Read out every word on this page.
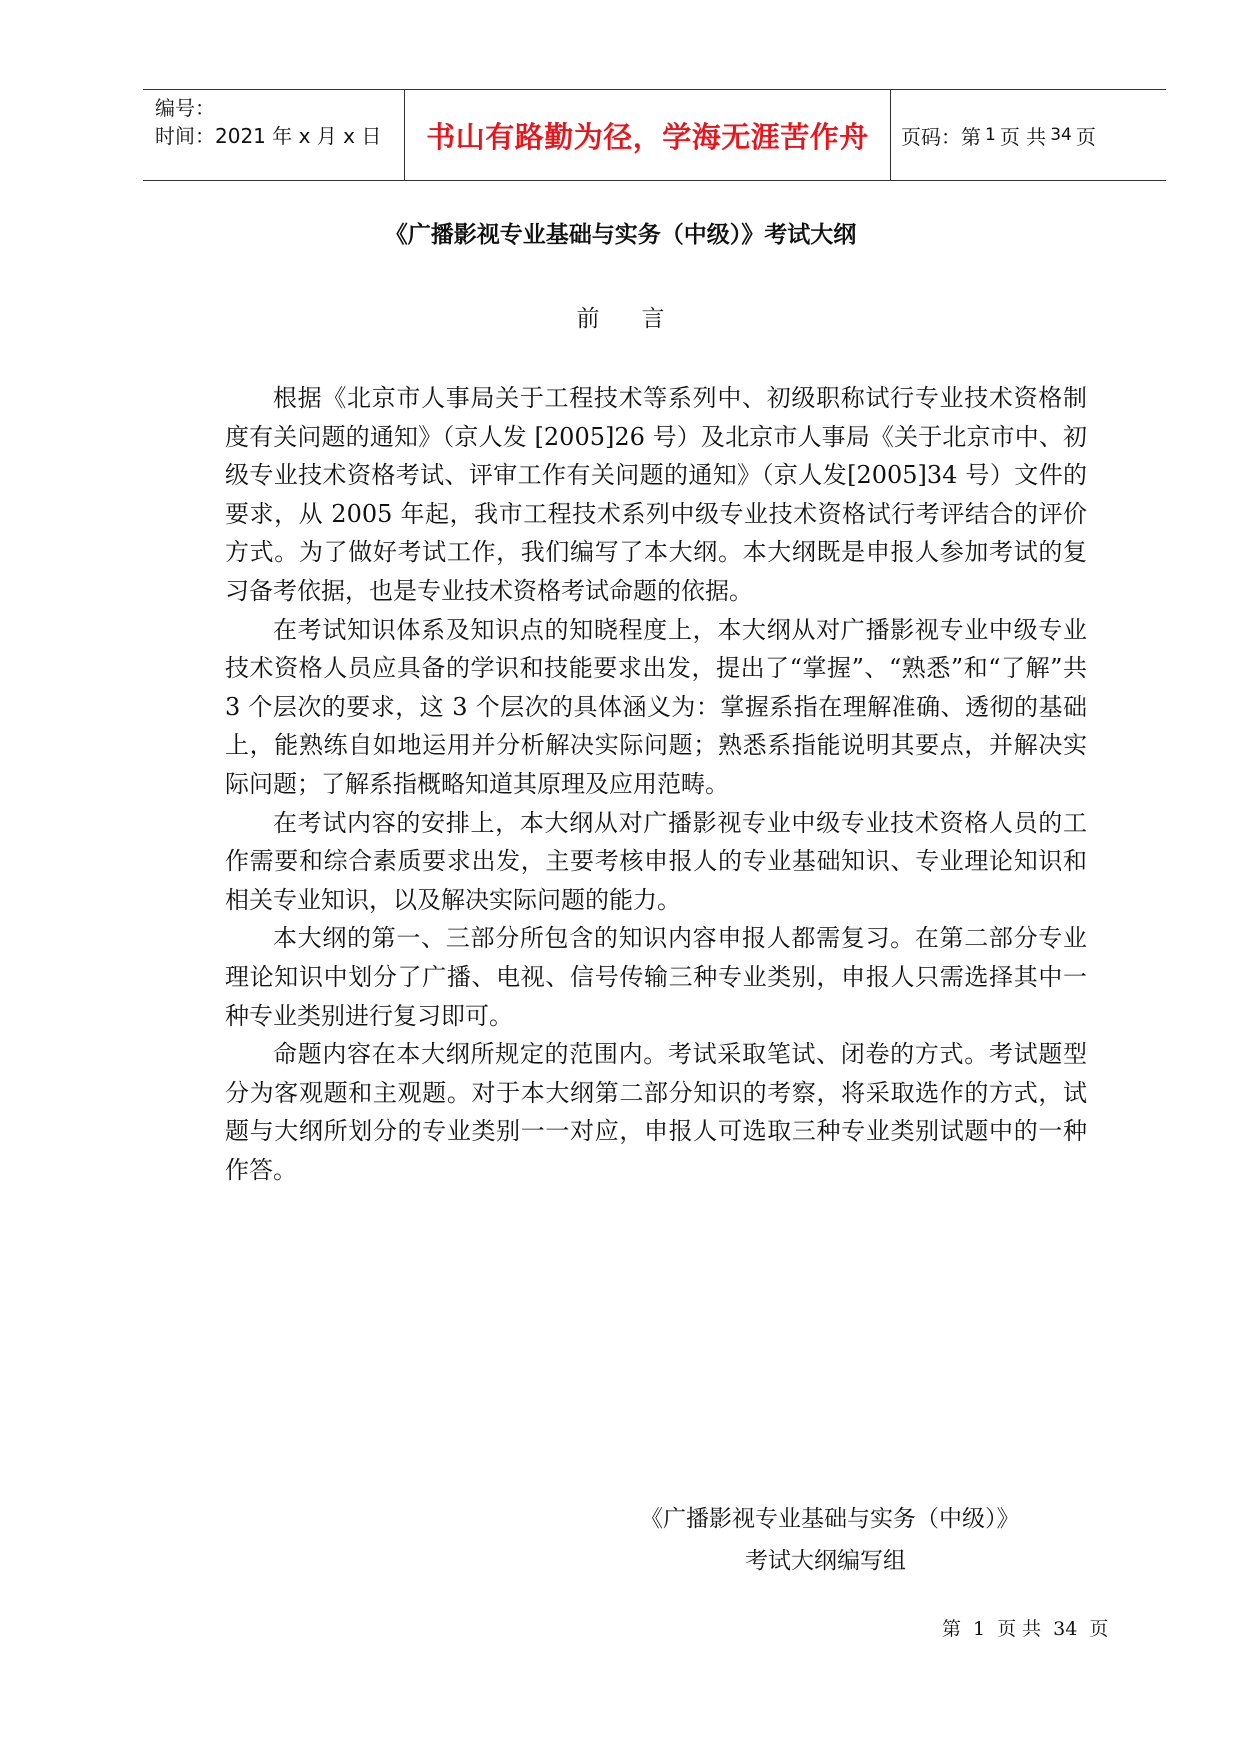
编号：
时间：2021 年 x 月 x 日	书山有路勤为径，学海无涯苦作舟 页码：第 1 页 共 34 页
《广播影视专业基础与实务（中级）》考试大纲
前言

根据《北京市人事局关于工程技术等系列中、初级职称试行专业技术资格制度有关问题的通知》（京人发 [2005]26 号）及北京市人事局《关于北京市中、初级专业技术资格考试、评审工作有关问题的通知》（京人发[2005]34 号）文件的要求，从 2005 年起，我市工程技术系列中级专业技术资格试行考评结合的评价方式。为了做好考试工作，我们编写了本大纲。本大纲既是申报人参加考试的复习备考依据，也是专业技术资格考试命题的依据。

在考试知识体系及知识点的知晓程度上，本大纲从对广播影视专业中级专业技术资格人员应具备的学识和技能要求出发，提出了“掌握”、“熟悉”和“了解”共 3 个层次的要求，这 3 个层次的具体涵义为：掌握系指在理解准确、透彻的基础上，能熟练自如地运用并分析解决实际问题；熟悉系指能说明其要点，并解决实际问题；了解系指概略知道其原理及应用范畴。

在考试内容的安排上，本大纲从对广播影视专业中级专业技术资格人员的工作需要和综合素质要求出发，主要考核申报人的专业基础知识、专业理论知识和相关专业知识，以及解决实际问题的能力。

本大纲的第一、三部分所包含的知识内容申报人都需复习。在第二部分专业理论知识中划分了广播、电视、信号传输三种专业类别，申报人只需选择其中一种专业类别进行复习即可。

命题内容在本大纲所规定的范围内。考试采取笔试、闭卷的方式。考试题型分为客观题和主观题。对于本大纲第二部分知识的考察，将采取选作的方式，试题与大纲所划分的专业类别一一对应，申报人可选取三种专业类别试题中的一种作答。

《广播影视专业基础与实务（中级）》
考试大纲编写组
第 1 页 共 34 页
